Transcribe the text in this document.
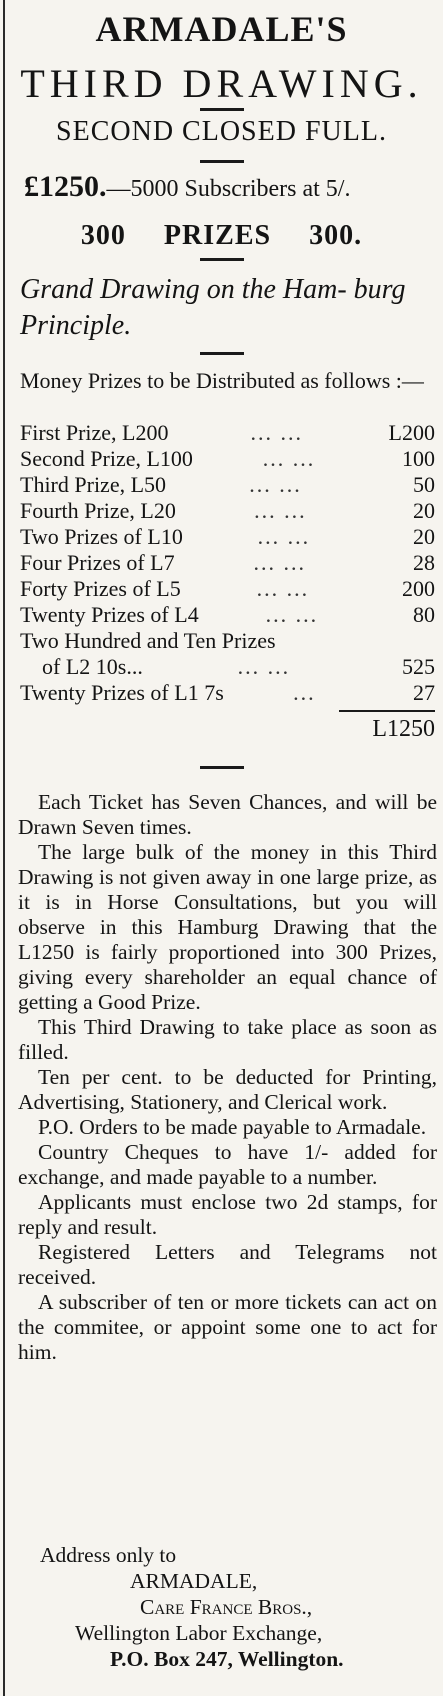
ARMADALE'S
THIRD DRAWING.
SECOND CLOSED FULL.
£1250.—5000 Subscribers at 5/.
300 PRIZES 300.
Grand Drawing on the Ham- burg Principle.
Money Prizes to be Distributed as follows :—
First Prize, L200	... ...	L200
Second Prize, L100	... ...	100
Third Prize, L50	... ...	50
Fourth Prize, L20	... ...	20
Two Prizes of L10	... ...	20
Four Prizes of L7	... ...	28
Forty Prizes of L5	... ...	200
Twenty Prizes of L4	... ...	80
Two Hundred and Ten Prizes
of L2 10s...	... ...	525
Twenty Prizes of L1 7s	...	27
L1250

Each Ticket has Seven Chances, and will be Drawn Seven times.

The large bulk of the money in this Third Drawing is not given away in one large prize, as it is in Horse Consultations, but you will observe in this Hamburg Drawing that the L1250 is fairly proportioned into 300 Prizes, giving every shareholder an equal chance of getting a Good Prize.

This Third Drawing to take place as soon as filled.

Ten per cent. to be deducted for Printing, Advertising, Stationery, and Clerical work.

P.O. Orders to be made payable to Armadale.

Country Cheques to have 1/- added for exchange, and made payable to a number.

Applicants must enclose two 2d stamps, for reply and result.

Registered Letters and Telegrams not received.

A subscriber of ten or more tickets can act on the commitee, or appoint some one to act for him.

Address only to
ARMADALE,
Care France Bros.,
Wellington Labor Exchange,
P.O. Box 247, Wellington.
